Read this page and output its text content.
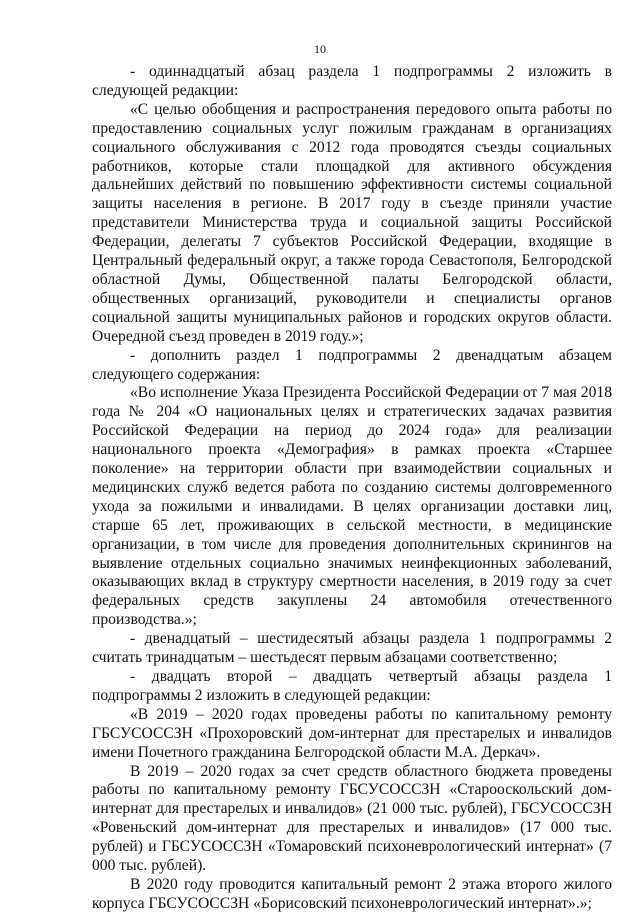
10

- одиннадцатый абзац раздела 1 подпрограммы 2 изложить в следующей редакции:

«С целью обобщения и распространения передового опыта работы по предоставлению социальных услуг пожилым гражданам в организациях социального обслуживания с 2012 года проводятся съезды социальных работников, которые стали площадкой для активного обсуждения дальнейших действий по повышению эффективности системы социальной защиты населения в регионе. В 2017 году в съезде приняли участие представители Министерства труда и социальной защиты Российской Федерации, делегаты 7 субъектов Российской Федерации, входящие в Центральный федеральный округ, а также города Севастополя, Белгородской областной Думы, Общественной палаты Белгородской области, общественных организаций, руководители и специалисты органов социальной защиты муниципальных районов и городских округов области. Очередной съезд проведен в 2019 году.»;

- дополнить раздел 1 подпрограммы 2 двенадцатым абзацем следующего содержания:

«Во исполнение Указа Президента Российской Федерации от 7 мая 2018 года № 204 «О национальных целях и стратегических задачах развития Российской Федерации на период до 2024 года» для реализации национального проекта «Демография» в рамках проекта «Старшее поколение» на территории области при взаимодействии социальных и медицинских служб ведется работа по созданию системы долговременного ухода за пожилыми и инвалидами. В целях организации доставки лиц, старше 65 лет, проживающих в сельской местности, в медицинские организации, в том числе для проведения дополнительных скринингов на выявление отдельных социально значимых неинфекционных заболеваний, оказывающих вклад в структуру смертности населения, в 2019 году за счет федеральных средств закуплены 24 автомобиля отечественного производства.»;

- двенадцатый – шестидесятый абзацы раздела 1 подпрограммы 2 считать тринадцатым – шестьдесят первым абзацами соответственно;

- двадцать второй – двадцать четвертый абзацы раздела 1 подпрограммы 2 изложить в следующей редакции:

«В 2019 – 2020 годах проведены работы по капитальному ремонту ГБСУСОССЗН «Прохоровский дом-интернат для престарелых и инвалидов имени Почетного гражданина Белгородской области М.А. Деркач».

В 2019 – 2020 годах за счет средств областного бюджета проведены работы по капитальному ремонту ГБСУСОССЗН «Старооскольский дом-интернат для престарелых и инвалидов» (21 000 тыс. рублей), ГБСУСОССЗН «Ровеньский дом-интернат для престарелых и инвалидов» (17 000 тыс. рублей) и ГБСУСОССЗН «Томаровский психоневрологический интернат» (7 000 тыс. рублей).

В 2020 году проводится капитальный ремонт 2 этажа второго жилого корпуса ГБСУСОССЗН «Борисовский психоневрологический интернат».»;
